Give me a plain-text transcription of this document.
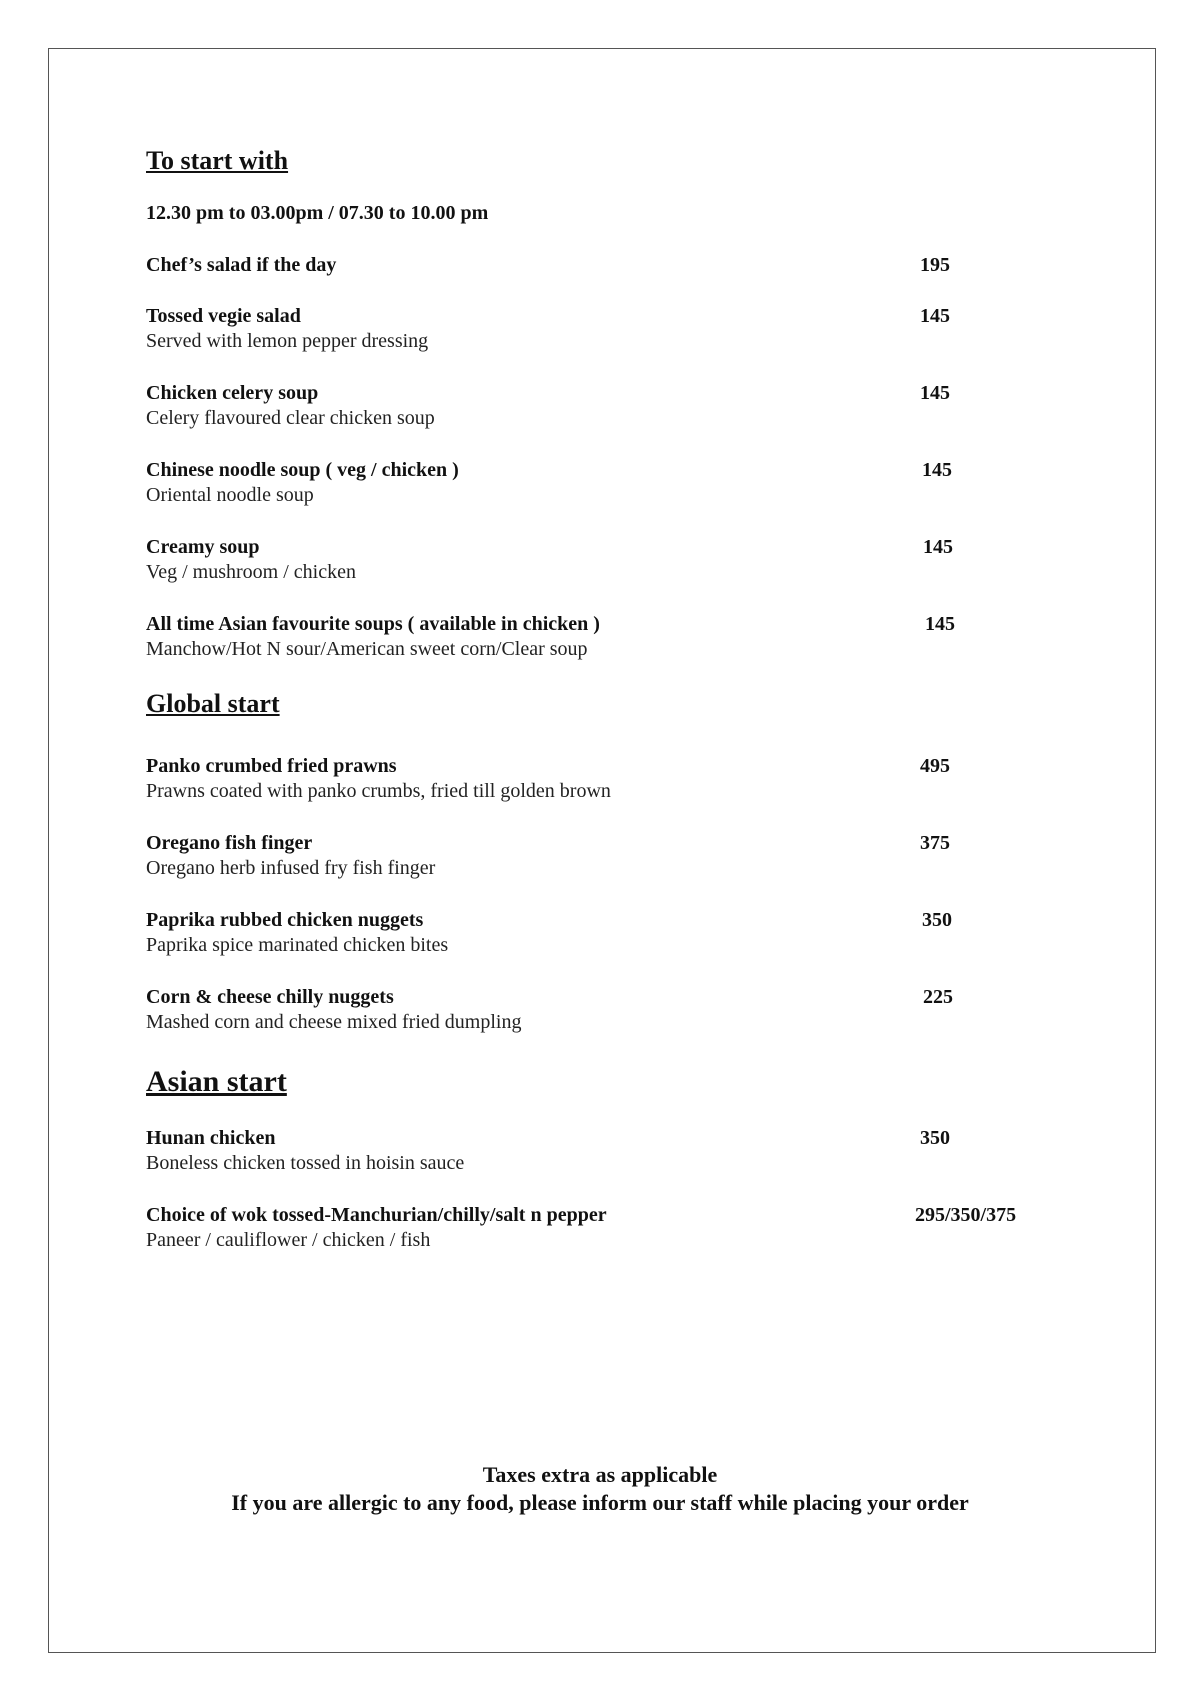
To start with
12.30 pm to 03.00pm / 07.30 to 10.00 pm
Chef’s salad if the day	195
Tossed vegie salad	145
Served with lemon pepper dressing
Chicken celery soup	145
Celery flavoured clear chicken soup
Chinese noodle soup ( veg / chicken )	145
Oriental noodle soup
Creamy soup	145
Veg / mushroom / chicken
All time Asian favourite soups ( available in chicken )	145
Manchow/Hot N sour/American sweet corn/Clear soup
Global start
Panko crumbed fried prawns	495
Prawns coated with panko crumbs, fried till golden brown
Oregano fish finger	375
Oregano herb infused fry fish finger
Paprika rubbed chicken nuggets	350
Paprika spice marinated chicken bites
Corn & cheese chilly nuggets	225
Mashed corn and cheese mixed fried dumpling
Asian start
Hunan chicken	350
Boneless chicken tossed in hoisin sauce
Choice of wok tossed-Manchurian/chilly/salt n pepper	295/350/375
Paneer / cauliflower / chicken / fish
Taxes extra as applicable
If you are allergic to any food, please inform our staff while placing your order
